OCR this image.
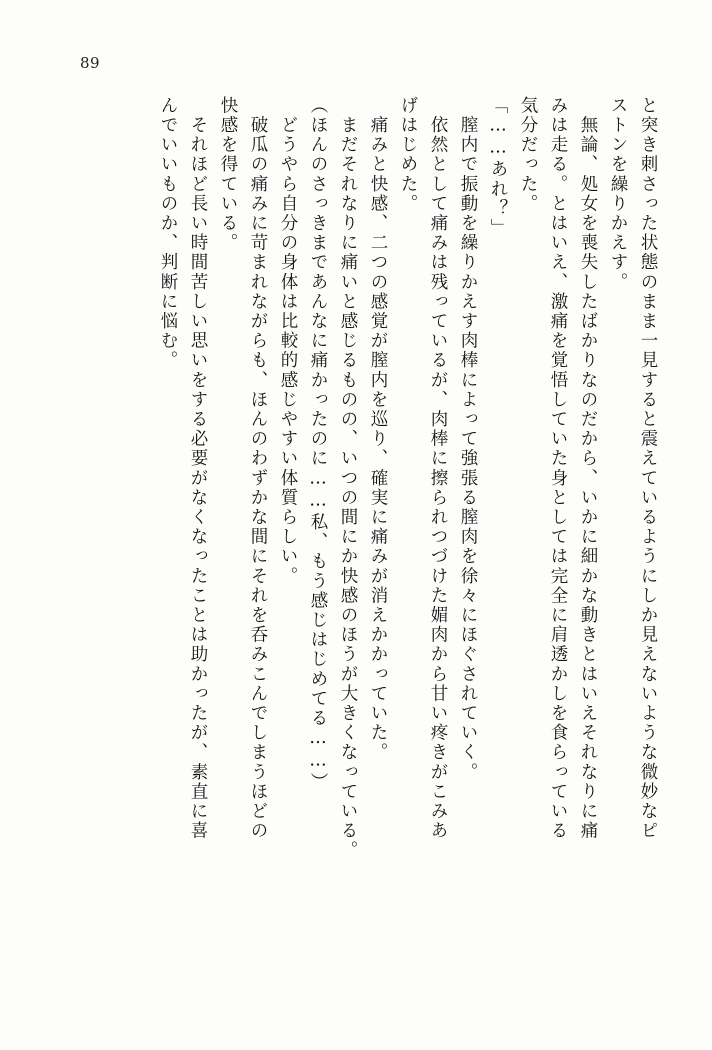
89
と突き刺さった状態のまま一見すると震えているようにしか見えないような微妙なピ
ストンを繰りかえす。
　無論、処女を喪失したばかりなのだから、いかに細かな動きとはいえそれなりに痛
みは走る。とはいえ、激痛を覚悟していた身としては完全に肩透かしを食らっている
気分だった。
「……あれ？」
　膣内で振動を繰りかえす肉棒によって強張る膣肉を徐々にほぐされていく。
　依然として痛みは残っているが、肉棒に擦られつづけた媚肉から甘い疼きがこみあ
げはじめた。
　痛みと快感、二つの感覚が膣内を巡り、確実に痛みが消えかかっていた。
　まだそれなりに痛いと感じるものの、いつの間にか快感のほうが大きくなっている。
（ほんのさっきまであんなに痛かったのに……私、もう感じはじめてる……）
　どうやら自分の身体は比較的感じやすい体質らしい。
　破瓜の痛みに苛まれながらも、ほんのわずかな間にそれを呑みこんでしまうほどの
快感を得ている。
　それほど長い時間苦しい思いをする必要がなくなったことは助かったが、素直に喜
んでいいものか、判断に悩む。
